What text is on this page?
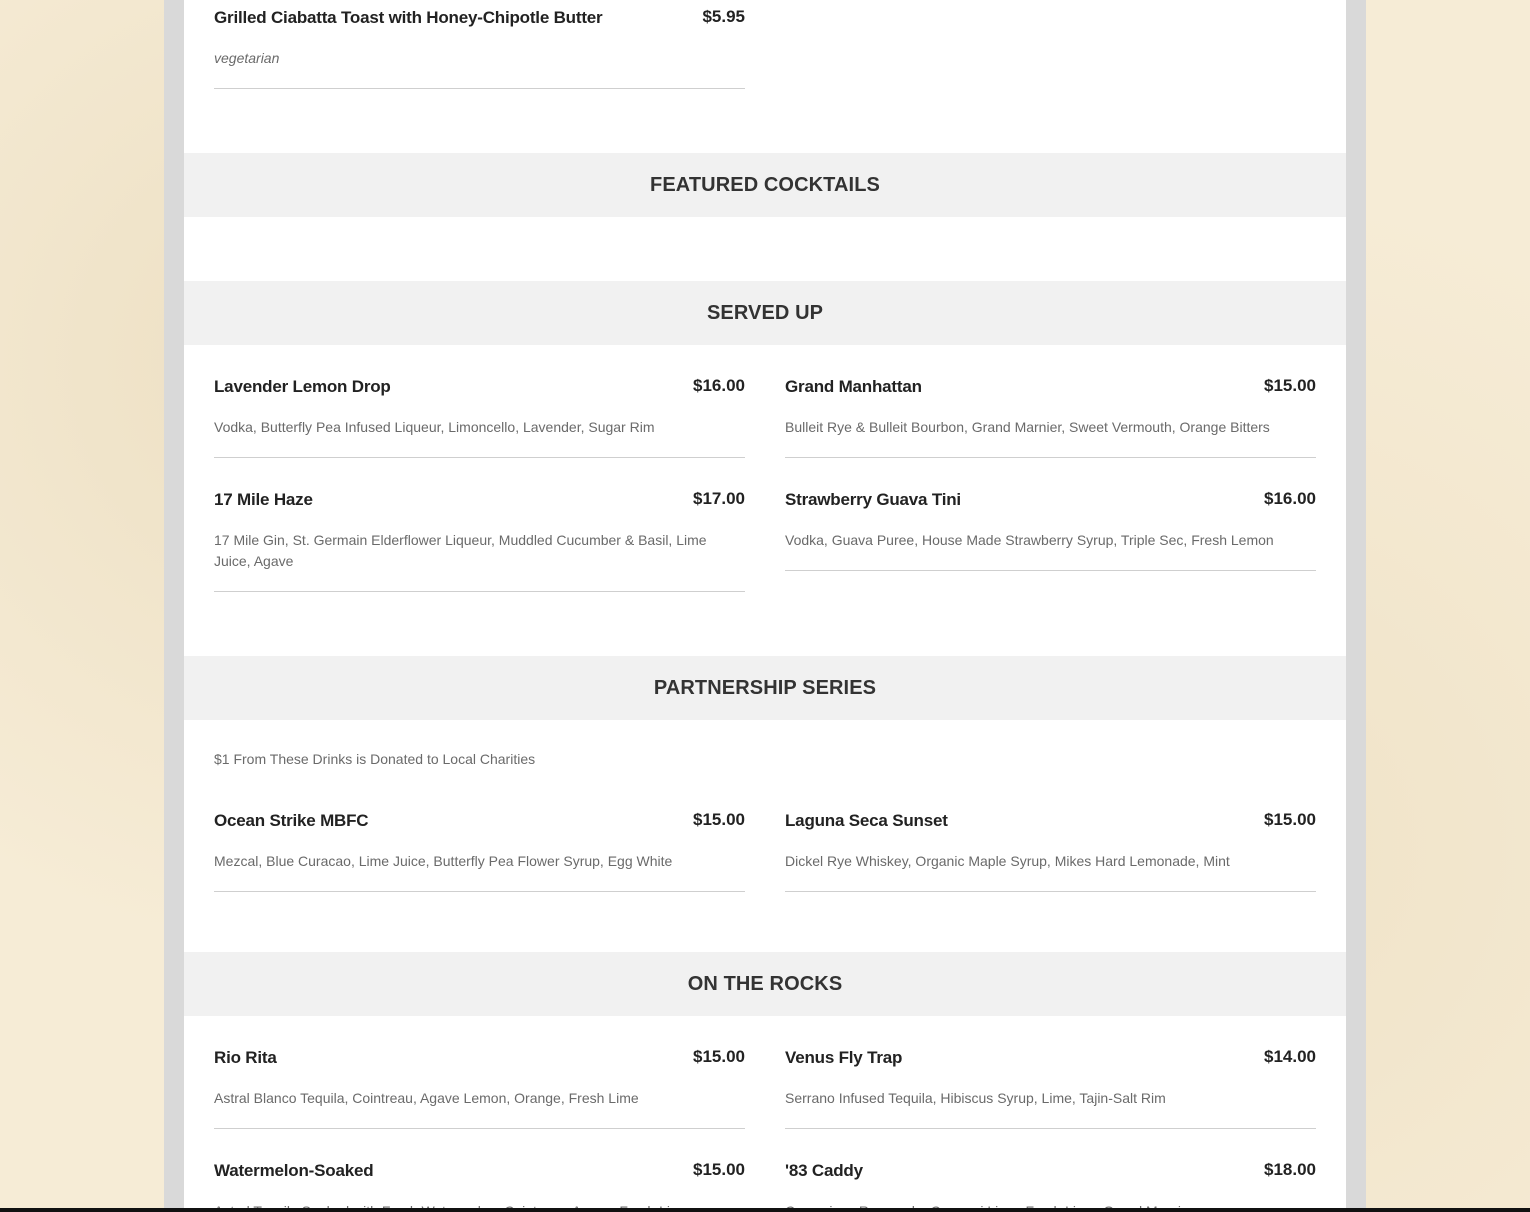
Grilled Ciabatta Toast with Honey-Chipotle Butter	$5.95
vegetarian
FEATURED COCKTAILS
SERVED UP
Lavender Lemon Drop	$16.00
Vodka, Butterfly Pea Infused Liqueur, Limoncello, Lavender, Sugar Rim
Grand Manhattan	$15.00
Bulleit Rye & Bulleit Bourbon, Grand Marnier, Sweet Vermouth, Orange Bitters
17 Mile Haze	$17.00
17 Mile Gin, St. Germain Elderflower Liqueur, Muddled Cucumber & Basil, Lime Juice, Agave
Strawberry Guava Tini	$16.00
Vodka, Guava Puree, House Made Strawberry Syrup, Triple Sec, Fresh Lemon
PARTNERSHIP SERIES
$1 From These Drinks is Donated to Local Charities
Ocean Strike MBFC	$15.00
Mezcal, Blue Curacao, Lime Juice, Butterfly Pea Flower Syrup, Egg White
Laguna Seca Sunset	$15.00
Dickel Rye Whiskey, Organic Maple Syrup, Mikes Hard Lemonade, Mint
ON THE ROCKS
Rio Rita	$15.00
Astral Blanco Tequila, Cointreau, Agave Lemon, Orange, Fresh Lime
Venus Fly Trap	$14.00
Serrano Infused Tequila, Hibiscus Syrup, Lime, Tajin-Salt Rim
Watermelon-Soaked	$15.00 '83 Caddy	$18.00
